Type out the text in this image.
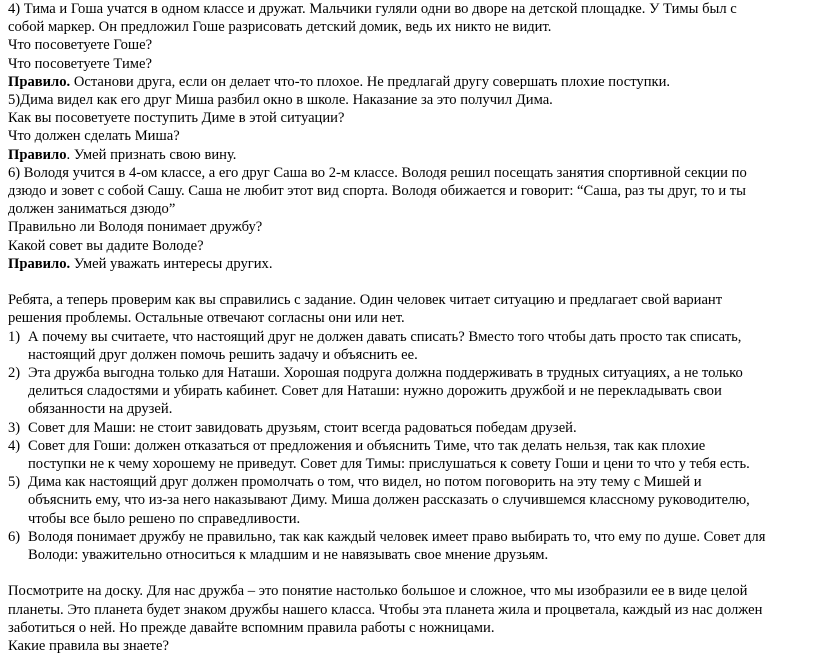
4) Тима и Гоша учатся в одном классе и дружат. Мальчики гуляли одни во дворе на детской площадке. У Тимы был с

собой маркер. Он предложил Гоше разрисовать детский домик, ведь их никто не видит.

Что посоветуете Гоше?

Что посоветуете Тиме?

Правило. Останови друга, если он делает что-то плохое. Не предлагай другу совершать плохие поступки.

5)Дима видел как его друг Миша разбил окно в школе. Наказание за это получил Дима.

Как вы посоветуете поступить Диме в этой ситуации?

Что должен сделать Миша?

Правило. Умей признать свою вину.

6) Володя учится в 4-ом классе, а его друг Саша во 2-м классе. Володя решил посещать занятия спортивной секции по

дзюдо и зовет с собой Сашу. Саша не любит этот вид спорта. Володя обижается и говорит: “Саша, раз ты друг, то и ты

должен заниматься дзюдо”

Правильно ли Володя понимает дружбу?

Какой совет вы дадите Володе?

Правило. Умей уважать интересы других.

Ребята, а теперь проверим как вы справились с задание. Один человек читает ситуацию и предлагает свой вариант

решения проблемы. Остальные отвечают согласны они или нет.

1) А почему вы считаете, что настоящий друг не должен давать списать? Вместо того чтобы дать просто так списать,

настоящий друг должен помочь решить задачу и объяснить ее.

2) Эта дружба выгодна только для Наташи. Хорошая подруга должна поддерживать в трудных ситуациях, а не только

делиться сладостями и убирать кабинет. Совет для Наташи: нужно дорожить дружбой и не перекладывать свои

обязанности на друзей.

3) Совет для Маши: не стоит завидовать друзьям, стоит всегда радоваться победам друзей.

4) Совет для Гоши: должен отказаться от предложения и объяснить Тиме, что так делать нельзя, так как плохие

поступки не к чему хорошему не приведут. Совет для Тимы: прислушаться к совету Гоши и цени то что у тебя есть.

5) Дима как настоящий друг должен промолчать о том, что видел, но потом поговорить на эту тему с Мишей и

объяснить ему, что из-за него наказывают Диму. Миша должен рассказать о случившемся классному руководителю,

чтобы все было решено по справедливости.

6) Володя понимает дружбу не правильно, так как каждый человек имеет право выбирать то, что ему по душе. Совет для

Володи: уважительно относиться к младшим и не навязывать свое мнение друзьям.

Посмотрите на доску. Для нас дружба – это понятие настолько большое и сложное, что мы изобразили ее в виде целой

планеты. Это планета будет знаком дружбы нашего класса. Чтобы эта планета жила и процветала, каждый из нас должен

заботиться о ней. Но прежде давайте вспомним правила работы с ножницами.

Какие правила вы знаете?
